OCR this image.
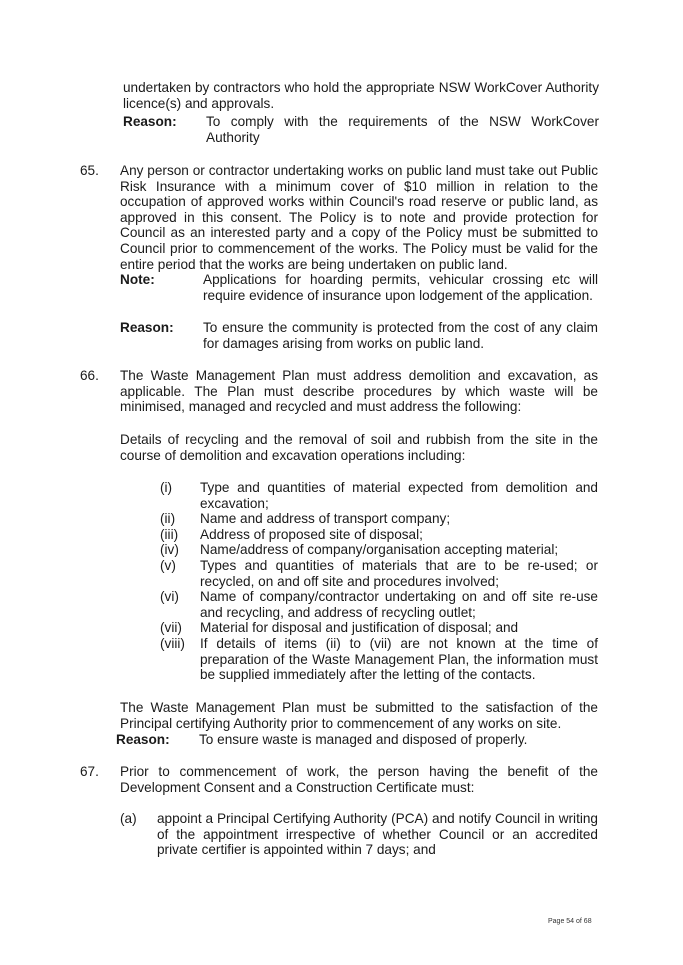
undertaken by contractors who hold the appropriate NSW WorkCover Authority licence(s) and approvals.

Reason:	To comply with the requirements of the NSW WorkCover Authority
65. Any person or contractor undertaking works on public land must take out Public Risk Insurance with a minimum cover of $10 million in relation to the occupation of approved works within Council's road reserve or public land, as approved in this consent. The Policy is to note and provide protection for Council as an interested party and a copy of the Policy must be submitted to Council prior to commencement of the works. The Policy must be valid for the entire period that the works are being undertaken on public land.

Note:	Applications for hoarding permits, vehicular crossing etc will require evidence of insurance upon lodgement of the application.
Reason:	To ensure the community is protected from the cost of any claim for damages arising from works on public land.
66. The Waste Management Plan must address demolition and excavation, as applicable. The Plan must describe procedures by which waste will be minimised, managed and recycled and must address the following:

Details of recycling and the removal of soil and rubbish from the site in the course of demolition and excavation operations including:

(i)	Type and quantities of material expected from demolition and excavation;
(ii)	Name and address of transport company;
(iii)	Address of proposed site of disposal;
(iv)	Name/address of company/organisation accepting material;
(v)	Types and quantities of materials that are to be re-used; or recycled, on and off site and procedures involved;
(vi)	Name of company/contractor undertaking on and off site re-use and recycling, and address of recycling outlet;
(vii)	Material for disposal and justification of disposal; and
(viii)	If details of items (ii) to (vii) are not known at the time of preparation of the Waste Management Plan, the information must be supplied immediately after the letting of the contacts.

The Waste Management Plan must be submitted to the satisfaction of the Principal certifying Authority prior to commencement of any works on site.

Reason:	To ensure waste is managed and disposed of properly.
67. Prior to commencement of work, the person having the benefit of the Development Consent and a Construction Certificate must:

(a)	appoint a Principal Certifying Authority (PCA) and notify Council in writing of the appointment irrespective of whether Council or an accredited private certifier is appointed within 7 days; and
Page 54 of 68
